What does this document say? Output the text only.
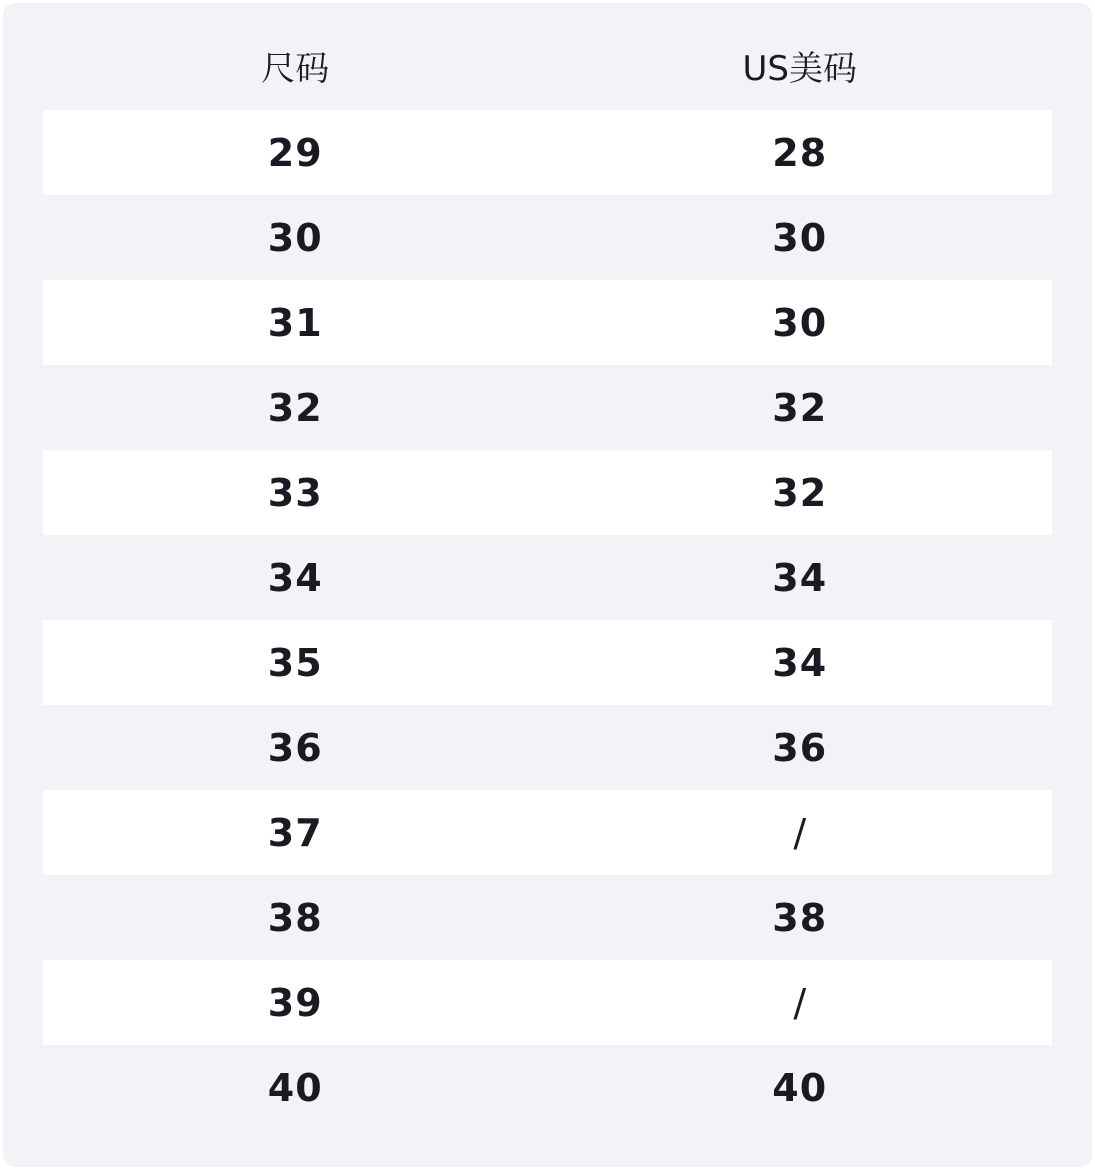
尺码	US美码
29	28
30	30
31	30
32	32
33	32
34	34
35	34
36	36
37	/
38	38
39	/
40	40
